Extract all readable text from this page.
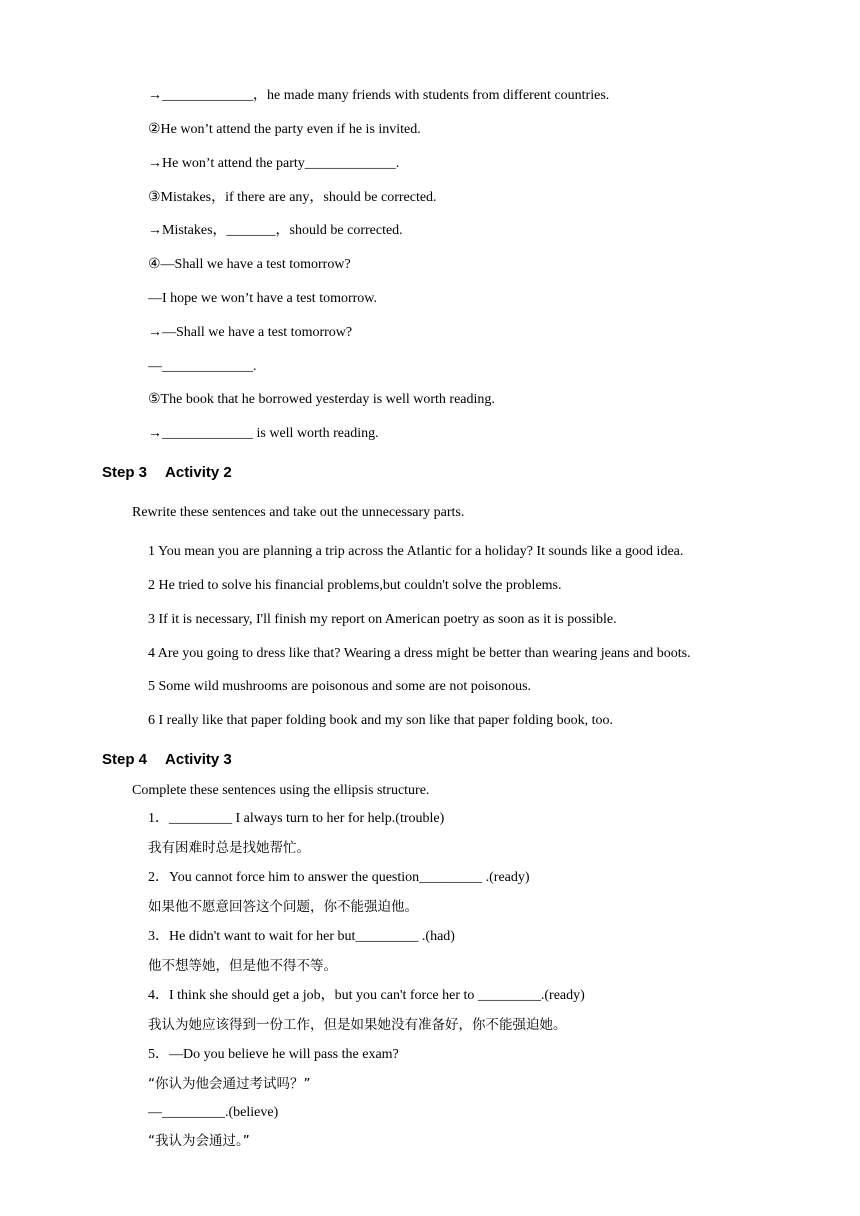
→_____________，he made many friends with students from different countries.
②He won’t attend the party even if he is invited.
→He won’t attend the party_____________.
③Mistakes，if there are any，should be corrected.
→Mistakes，_______，should be corrected.
④—Shall we have a test tomorrow?
—I hope we won’t have a test tomorrow.
→—Shall we have a test tomorrow?
—_____________.
⑤The book that he borrowed yesterday is well worth reading.
→_____________ is well worth reading.
Step 3 Activity 2
Rewrite these sentences and take out the unnecessary parts.
1 You mean you are planning a trip across the Atlantic for a holiday? It sounds like a good idea.
2 He tried to solve his financial problems,but couldn't solve the problems.
3 If it is necessary, I'll finish my report on American poetry as soon as it is possible.
4 Are you going to dress like that? Wearing a dress might be better than wearing jeans and boots.
5 Some wild mushrooms are poisonous and some are not poisonous.
6 I really like that paper folding book and my son like that paper folding book, too.
Step 4 Activity 3
Complete these sentences using the ellipsis structure.
1．_________ I always turn to her for help.(trouble)
我有困难时总是找她帮忙。
2．You cannot force him to answer the question_________ .(ready)
如果他不愿意回答这个问题，你不能强迫他。
3．He didn't want to wait for her but_________ .(had)
他不想等她，但是他不得不等。
4．I think she should get a job，but you can't force her to _________.(ready)
我认为她应该得到一份工作，但是如果她没有准备好，你不能强迫她。
5．—Do you believe he will pass the exam?
“你认为他会通过考试吗？”
—_________.(believe)
“我认为会通过。”
